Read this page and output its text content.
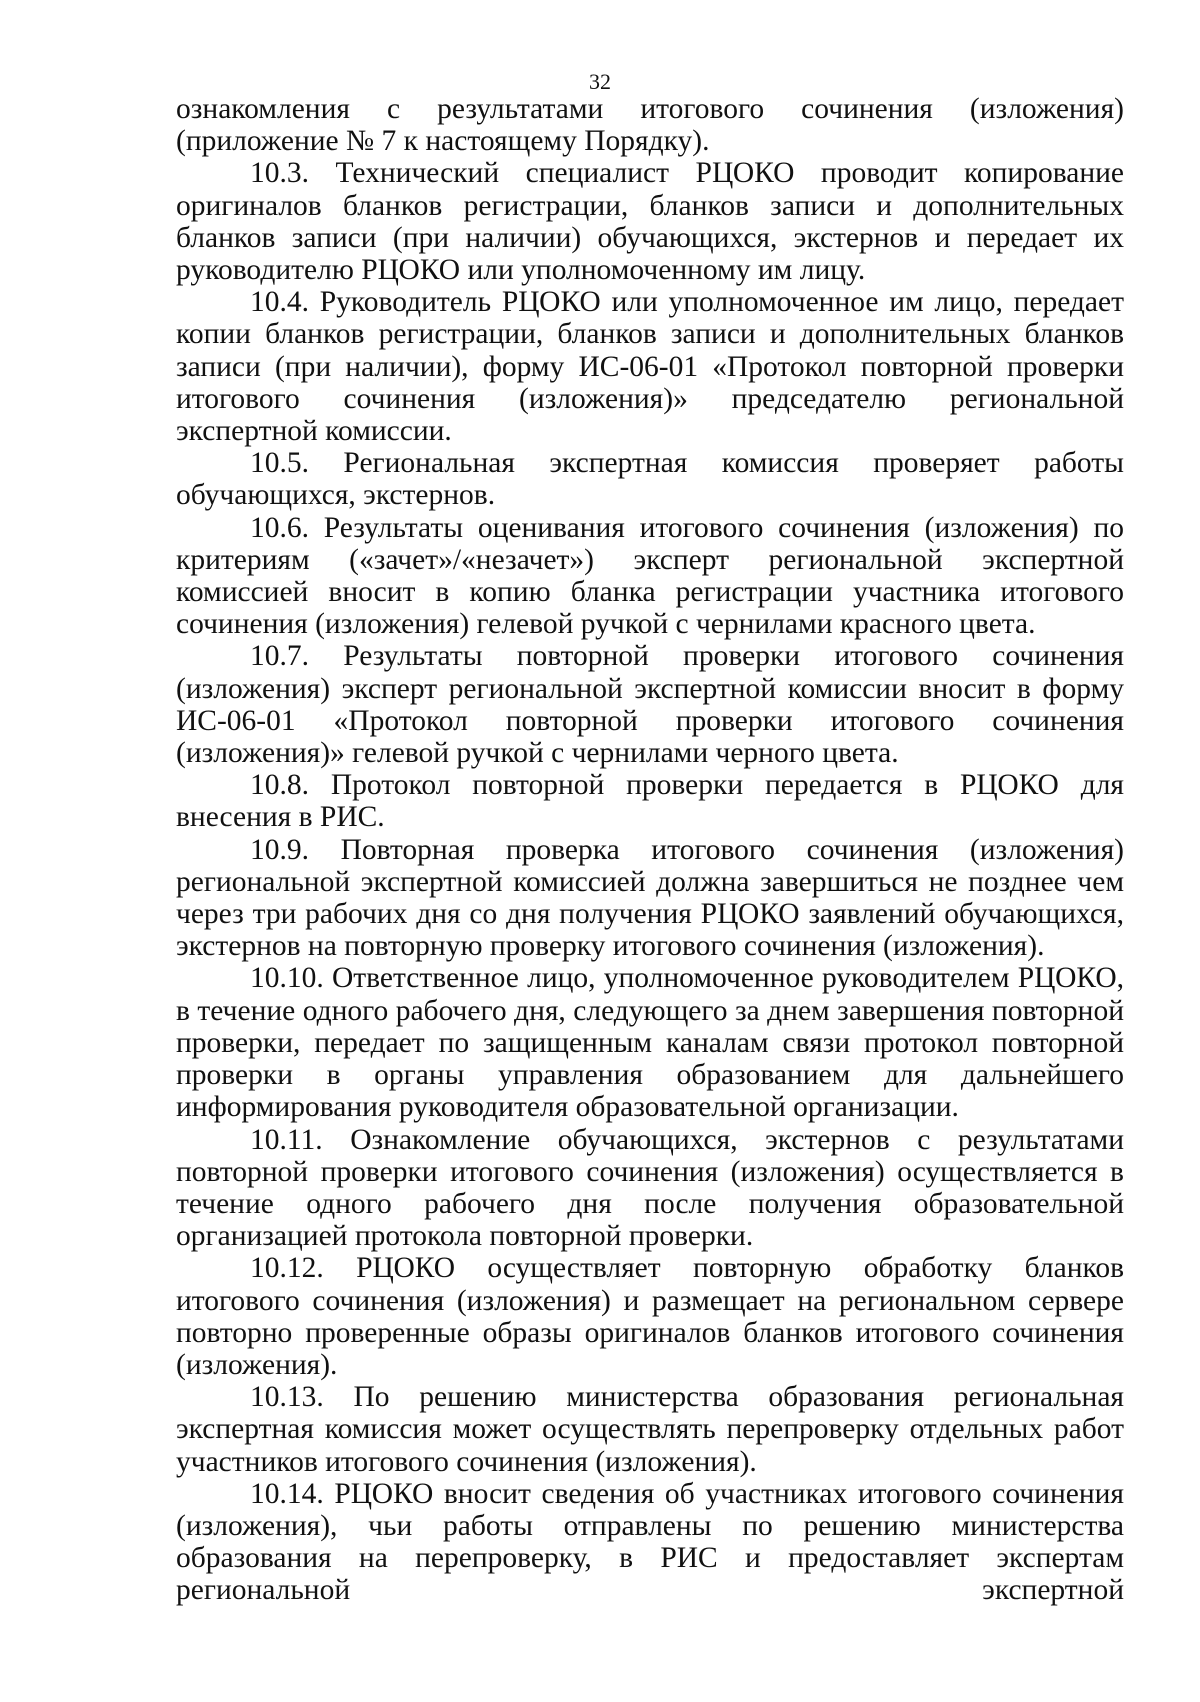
32

ознакомления с результатами итогового сочинения (изложения) (приложение № 7 к настоящему Порядку).

10.3. Технический специалист РЦОКО проводит копирование оригиналов бланков регистрации, бланков записи и дополнительных бланков записи (при наличии) обучающихся, экстернов и передает их руководителю РЦОКО или уполномоченному им лицу.

10.4. Руководитель РЦОКО или уполномоченное им лицо, передает копии бланков регистрации, бланков записи и дополнительных бланков записи (при наличии), форму ИС-06-01 «Протокол повторной проверки итогового сочинения (изложения)» председателю региональной экспертной комиссии.

10.5. Региональная экспертная комиссия проверяет работы обучающихся, экстернов.

10.6. Результаты оценивания итогового сочинения (изложения) по критериям («зачет»/«незачет») эксперт региональной экспертной комиссией вносит в копию бланка регистрации участника итогового сочинения (изложения) гелевой ручкой с чернилами красного цвета.

10.7. Результаты повторной проверки итогового сочинения (изложения) эксперт региональной экспертной комиссии вносит в форму ИС-06-01 «Протокол повторной проверки итогового сочинения (изложения)» гелевой ручкой с чернилами черного цвета.

10.8. Протокол повторной проверки передается в РЦОКО для внесения в РИС.

10.9. Повторная проверка итогового сочинения (изложения) региональной экспертной комиссией должна завершиться не позднее чем через три рабочих дня со дня получения РЦОКО заявлений обучающихся, экстернов на повторную проверку итогового сочинения (изложения).

10.10. Ответственное лицо, уполномоченное руководителем РЦОКО, в течение одного рабочего дня, следующего за днем завершения повторной проверки, передает по защищенным каналам связи протокол повторной проверки в органы управления образованием для дальнейшего информирования руководителя образовательной организации.

10.11. Ознакомление обучающихся, экстернов с результатами повторной проверки итогового сочинения (изложения) осуществляется в течение одного рабочего дня после получения образовательной организацией протокола повторной проверки.

10.12. РЦОКО осуществляет повторную обработку бланков итогового сочинения (изложения) и размещает на региональном сервере повторно проверенные образы оригиналов бланков итогового сочинения (изложения).

10.13. По решению министерства образования региональная экспертная комиссия может осуществлять перепроверку отдельных работ участников итогового сочинения (изложения).

10.14. РЦОКО вносит сведения об участниках итогового сочинения (изложения), чьи работы отправлены по решению министерства образования на перепроверку, в РИС и предоставляет экспертам региональной экспертной
